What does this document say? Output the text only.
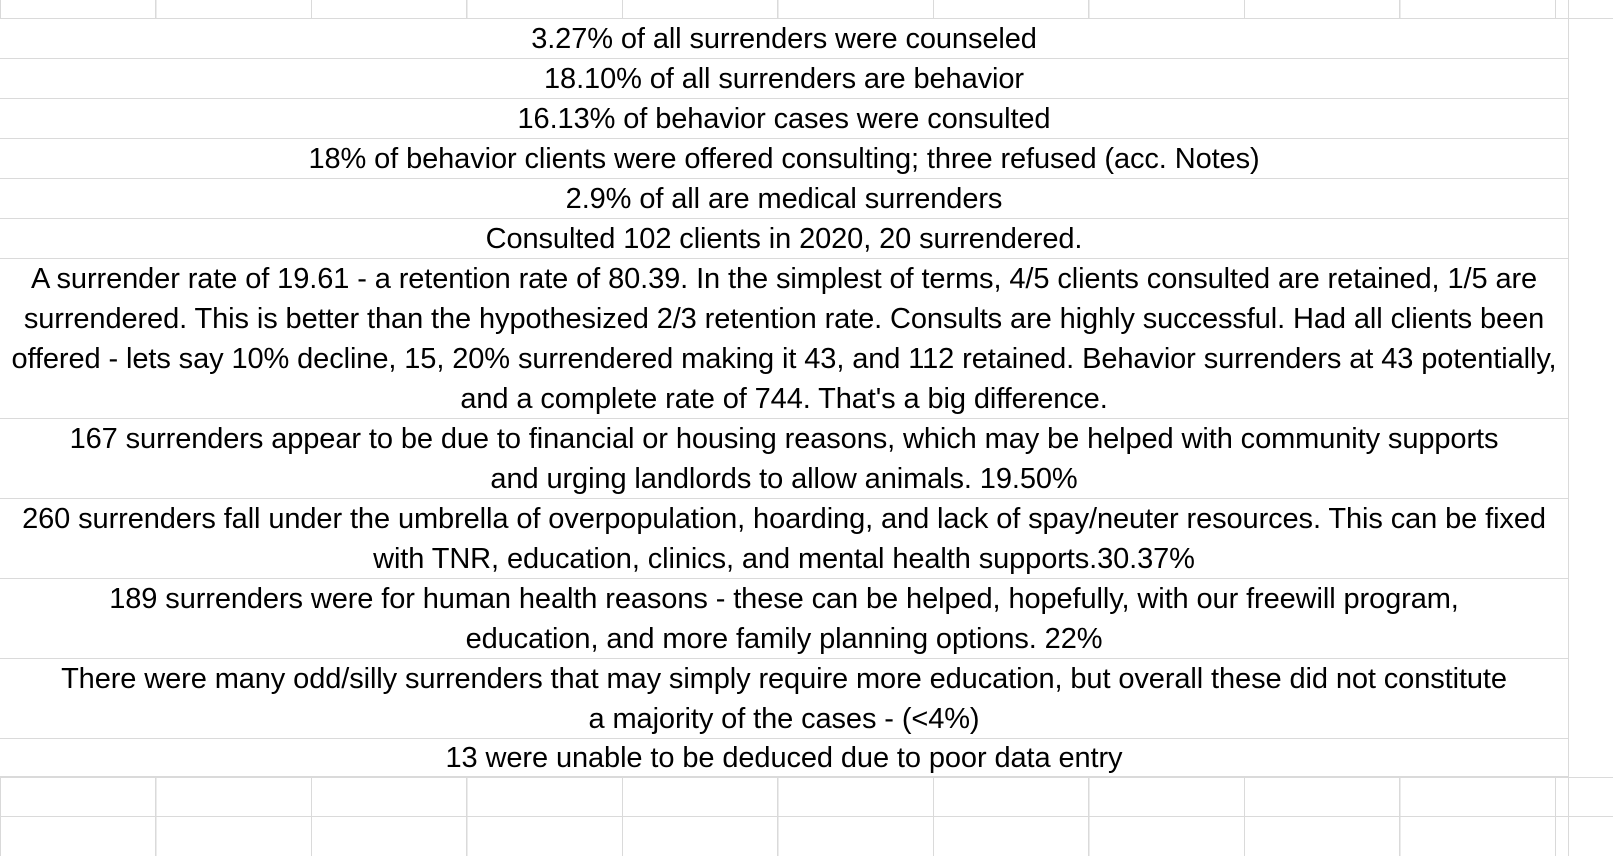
3.27% of all surrenders were counseled
18.10% of all surrenders are behavior
16.13% of behavior cases were consulted
18% of behavior clients were offered consulting; three refused (acc. Notes)
2.9% of all are medical surrenders
Consulted 102 clients in 2020, 20 surrendered.
A surrender rate of 19.61 - a retention rate of 80.39. In the simplest of terms, 4/5 clients consulted are retained, 1/5 are surrendered. This is better than the hypothesized 2/3 retention rate. Consults are highly successful. Had all clients been offered - lets say 10% decline, 15, 20% surrendered making it 43, and 112 retained. Behavior surrenders at 43 potentially, and a complete rate of 744. That's a big difference.
167 surrenders appear to be due to financial or housing reasons, which may be helped with community supports and urging landlords to allow animals. 19.50%
260 surrenders fall under the umbrella of overpopulation, hoarding, and lack of spay/neuter resources. This can be fixed with TNR, education, clinics, and mental health supports.30.37%
189 surrenders were for human health reasons - these can be helped, hopefully, with our freewill program, education, and more family planning options. 22%
There were many odd/silly surrenders that may simply require more education, but overall these did not constitute a majority of the cases - (<4%)
13 were unable to be deduced due to poor data entry
